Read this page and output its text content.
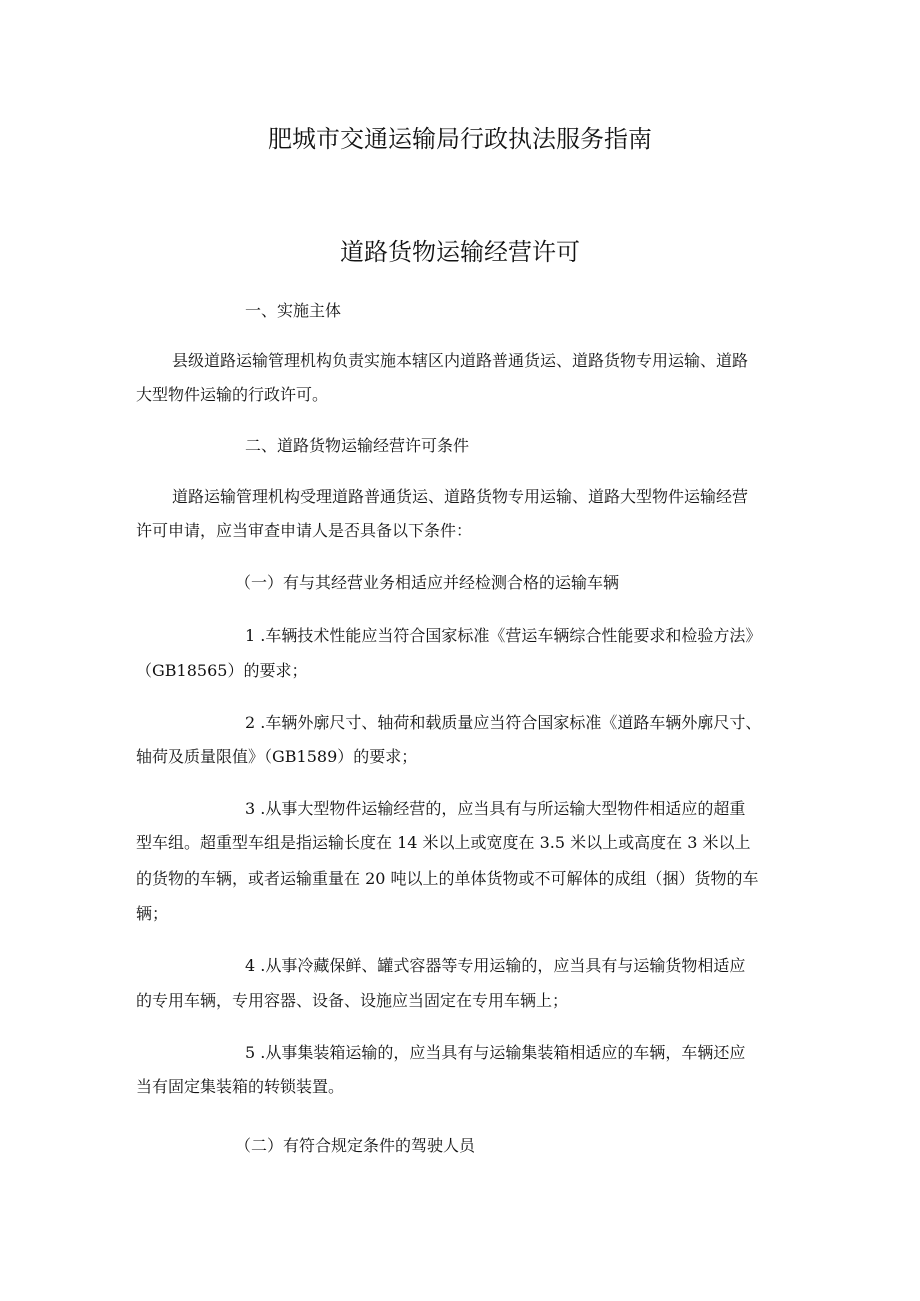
肥城市交通运输局行政执法服务指南
道路货物运输经营许可
一、实施主体
县级道路运输管理机构负责实施本辖区内道路普通货运、道路货物专用运输、道路
大型物件运输的行政许可。
二、道路货物运输经营许可条件
道路运输管理机构受理道路普通货运、道路货物专用运输、道路大型物件运输经营
许可申请，应当审查申请人是否具备以下条件：
（一）有与其经营业务相适应并经检测合格的运输车辆
1 .车辆技术性能应当符合国家标准《营运车辆综合性能要求和检验方法》
（GB18565）的要求；
2 .车辆外廓尺寸、轴荷和载质量应当符合国家标准《道路车辆外廓尺寸、
轴荷及质量限值》（GB1589）的要求；
3 .从事大型物件运输经营的，应当具有与所运输大型物件相适应的超重
型车组。超重型车组是指运输长度在 14 米以上或宽度在 3.5 米以上或高度在 3 米以上
的货物的车辆，或者运输重量在 20 吨以上的单体货物或不可解体的成组（捆）货物的车
辆；
4 .从事冷藏保鲜、罐式容器等专用运输的，应当具有与运输货物相适应
的专用车辆，专用容器、设备、设施应当固定在专用车辆上；
5 .从事集装箱运输的，应当具有与运输集装箱相适应的车辆，车辆还应
当有固定集装箱的转锁装置。
（二）有符合规定条件的驾驶人员
